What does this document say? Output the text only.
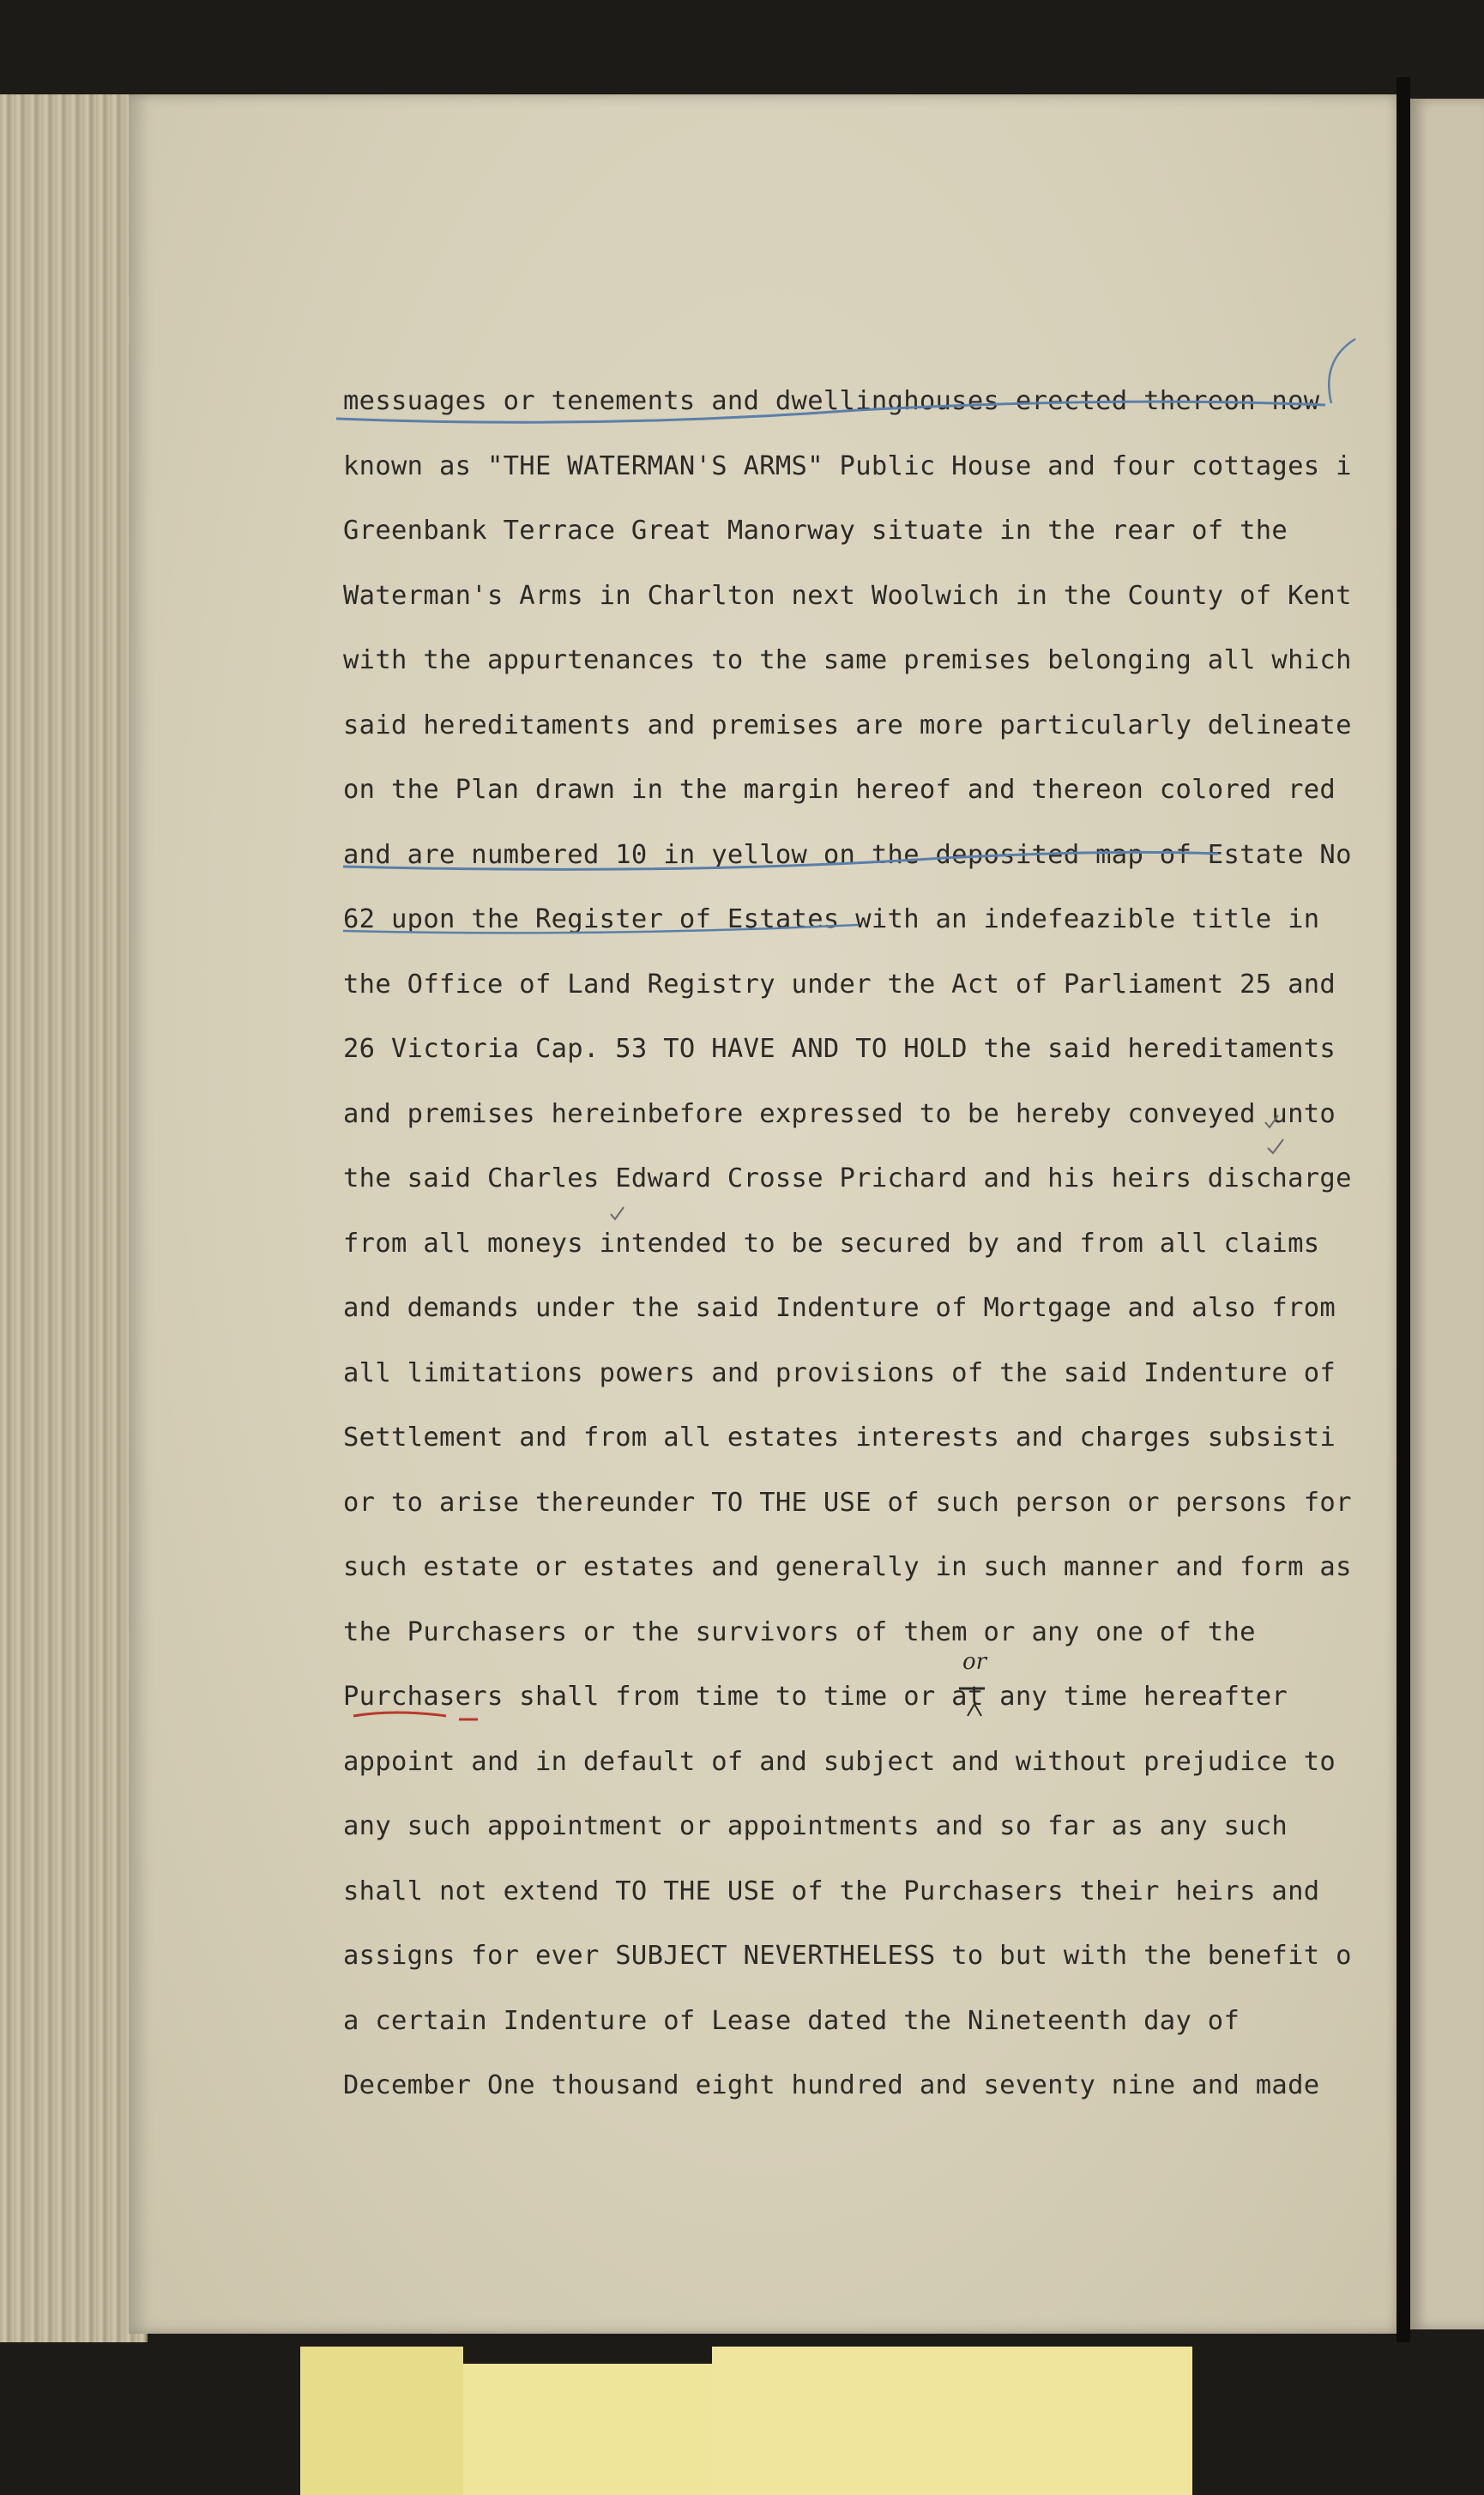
messuages or tenements and dwellinghouses erected thereon now
known as "THE WATERMAN'S ARMS" Public House and four cottages i
Greenbank Terrace Great Manorway situate in the rear of the
Waterman's Arms in Charlton next Woolwich in the County of Kent
with the appurtenances to the same premises belonging all which
said hereditaments and premises are more particularly delineate
on the Plan drawn in the margin hereof and thereon colored red
and are numbered 10 in yellow on the deposited map of Estate No
62 upon the Register of Estates with an indefeazible title in
the Office of Land Registry under the Act of Parliament 25 and
26 Victoria Cap. 53 TO HAVE AND TO HOLD the said hereditaments
and premises hereinbefore expressed to be hereby conveyed unto
the said Charles Edward Crosse Prichard and his heirs discharge
from all moneys intended to be secured by and from all claims
and demands under the said Indenture of Mortgage and also from
all limitations powers and provisions of the said Indenture of
Settlement and from all estates interests and charges subsisti
or to arise thereunder TO THE USE of such person or persons for
such estate or estates and generally in such manner and form as
the Purchasers or the survivors of them or any one of the
Purchasers shall from time to time or at any time hereafter
appoint and in default of and subject and without prejudice to
any such appointment or appointments and so far as any such
shall not extend TO THE USE of the Purchasers their heirs and
assigns for ever SUBJECT NEVERTHELESS to but with the benefit o
a certain Indenture of Lease dated the Nineteenth day of
December One thousand eight hundred and seventy nine and made
or
